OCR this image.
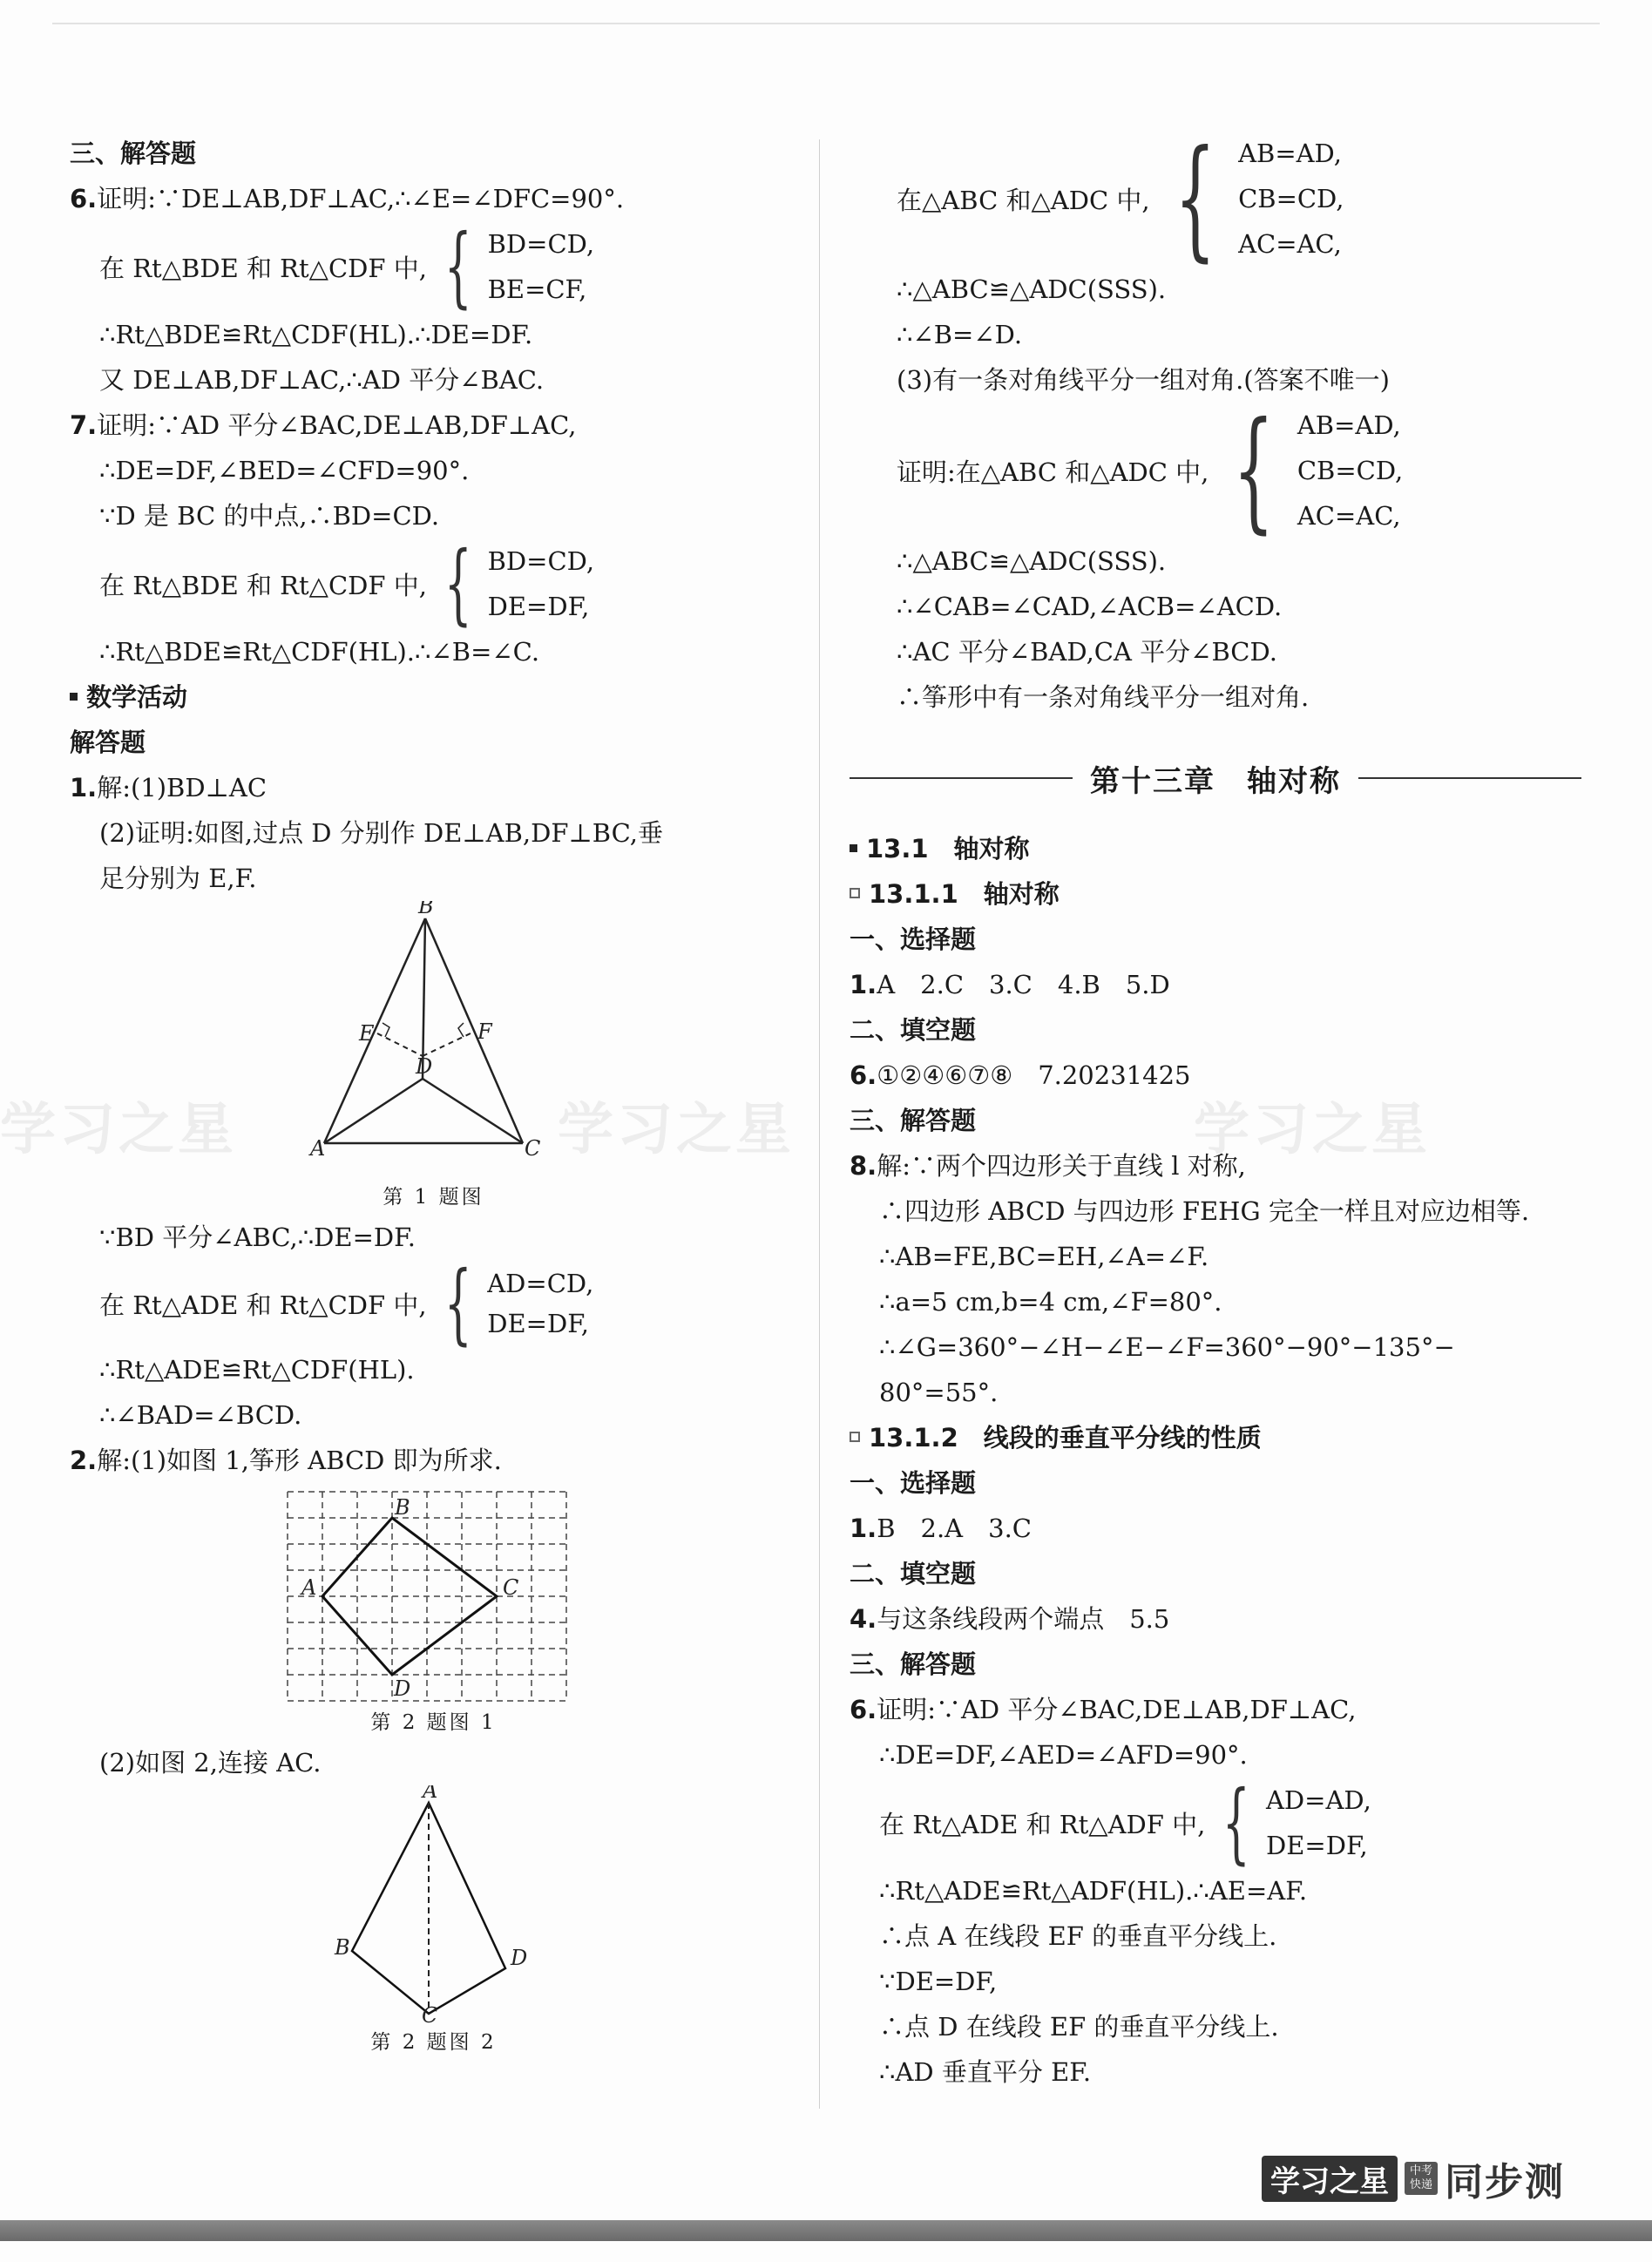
学习之星	学习之星	学习之星
三、解答题
6.证明:∵DE⊥AB,DF⊥AC,∴∠E=∠DFC=90°.
在 Rt△BDE 和 Rt△CDF 中, { BD=CD,
BE=CF,
∴Rt△BDE≌Rt△CDF(HL).∴DE=DF.
又 DE⊥AB,DF⊥AC,∴AD 平分∠BAC.
7.证明:∵AD 平分∠BAC,DE⊥AB,DF⊥AC,
∴DE=DF,∠BED=∠CFD=90°.
∵D 是 BC 的中点,∴BD=CD.
在 Rt△BDE 和 Rt△CDF 中, { BD=CD,
DE=DF,
∴Rt△BDE≌Rt△CDF(HL).∴∠B=∠C.
数学活动
解答题
1.解:(1)BD⊥AC
(2)证明:如图,过点 D 分别作 DE⊥AB,DF⊥BC,垂
足分别为 E,F.
B
E	F
D
A	C
第 1 题图
∵BD 平分∠ABC,∴DE=DF.
在 Rt△ADE 和 Rt△CDF 中, { AD=CD,
DE=DF,
∴Rt△ADE≌Rt△CDF(HL).
∴∠BAD=∠BCD.
2.解:(1)如图 1,筝形 ABCD 即为所求.
B
A	C
D
第 2 题图 1
(2)如图 2,连接 AC.
A
B	D
C
第 2 题图 2
在△ABC 和△ADC 中, { AB=AD,
CB=CD,
AC=AC,
∴△ABC≌△ADC(SSS).
∴∠B=∠D.
(3)有一条对角线平分一组对角.(答案不唯一)
证明:在△ABC 和△ADC 中, { AB=AD,
CB=CD,
AC=AC,
∴△ABC≌△ADC(SSS).
∴∠CAB=∠CAD,∠ACB=∠ACD.
∴AC 平分∠BAD,CA 平分∠BCD.
∴筝形中有一条对角线平分一组对角.
第十三章　轴对称
13.1　轴对称
13.1.1　轴对称
一、选择题
1.A　2.C　3.C　4.B　5.D
二、填空题
6.①②④⑥⑦⑧　7.20231425
三、解答题
8.解:∵两个四边形关于直线 l 对称,
∴四边形 ABCD 与四边形 FEHG 完全一样且对应边相等.
∴AB=FE,BC=EH,∠A=∠F.
∴a=5 cm,b=4 cm,∠F=80°.
∴∠G=360°−∠H−∠E−∠F=360°−90°−135°−
80°=55°.
13.1.2　线段的垂直平分线的性质
一、选择题
1.B　2.A　3.C
二、填空题
4.与这条线段两个端点　5.5
三、解答题
6.证明:∵AD 平分∠BAC,DE⊥AB,DF⊥AC,
∴DE=DF,∠AED=∠AFD=90°.
在 Rt△ADE 和 Rt△ADF 中, { AD=AD,
DE=DF,
∴Rt△ADE≌Rt△ADF(HL).∴AE=AF.
∴点 A 在线段 EF 的垂直平分线上.
∵DE=DF,
∴点 D 在线段 EF 的垂直平分线上.
∴AD 垂直平分 EF.
学习之星	中考快递 同步测
